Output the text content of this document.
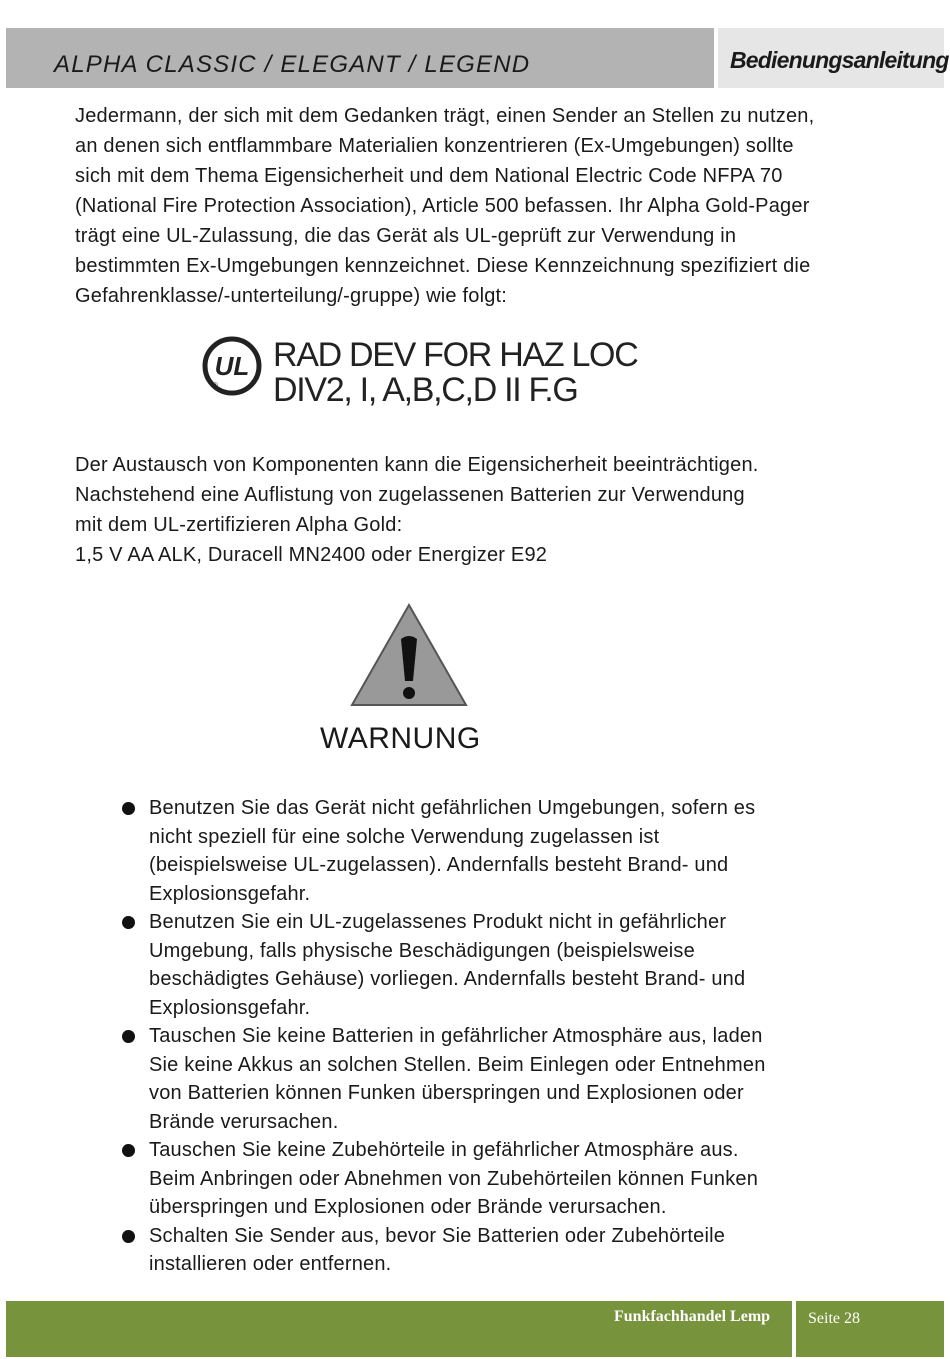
ALPHA CLASSIC / ELEGANT / LEGEND	Bedienungsanleitung

Jedermann, der sich mit dem Gedanken trägt, einen Sender an Stellen zu nutzen,
an denen sich entflammbare Materialien konzentrieren (Ex-Umgebungen) sollte
sich mit dem Thema Eigensicherheit und dem National Electric Code NFPA 70
(National Fire Protection Association), Article 500 befassen. Ihr Alpha Gold-Pager
trägt eine UL-Zulassung, die das Gerät als UL-geprüft zur Verwendung in
bestimmten Ex-Umgebungen kennzeichnet. Diese Kennzeichnung spezifiziert die
Gefahrenklasse/-unterteilung/-gruppe) wie folgt:

UL
®

RAD DEV FOR HAZ LOC

DIV2, I, A,B,C,D II F.G

Der Austausch von Komponenten kann die Eigensicherheit beeinträchtigen.
Nachstehend eine Auflistung von zugelassenen Batterien zur Verwendung
mit dem UL-zertifizieren Alpha Gold:
1,5 V AA ALK, Duracell MN2400 oder Energizer E92

WARNUNG
Benutzen Sie das Gerät nicht gefährlichen Umgebungen, sofern es
nicht speziell für eine solche Verwendung zugelassen ist
(beispielsweise UL-zugelassen). Andernfalls besteht Brand- und
Explosionsgefahr.
Benutzen Sie ein UL-zugelassenes Produkt nicht in gefährlicher
Umgebung, falls physische Beschädigungen (beispielsweise
beschädigtes Gehäuse) vorliegen. Andernfalls besteht Brand- und
Explosionsgefahr.
Tauschen Sie keine Batterien in gefährlicher Atmosphäre aus, laden
Sie keine Akkus an solchen Stellen. Beim Einlegen oder Entnehmen
von Batterien können Funken überspringen und Explosionen oder
Brände verursachen.
Tauschen Sie keine Zubehörteile in gefährlicher Atmosphäre aus.
Beim Anbringen oder Abnehmen von Zubehörteilen können Funken
überspringen und Explosionen oder Brände verursachen.
Schalten Sie Sender aus, bevor Sie Batterien oder Zubehörteile
installieren oder entfernen.
Funkfachhandel Lemp Seite 28
